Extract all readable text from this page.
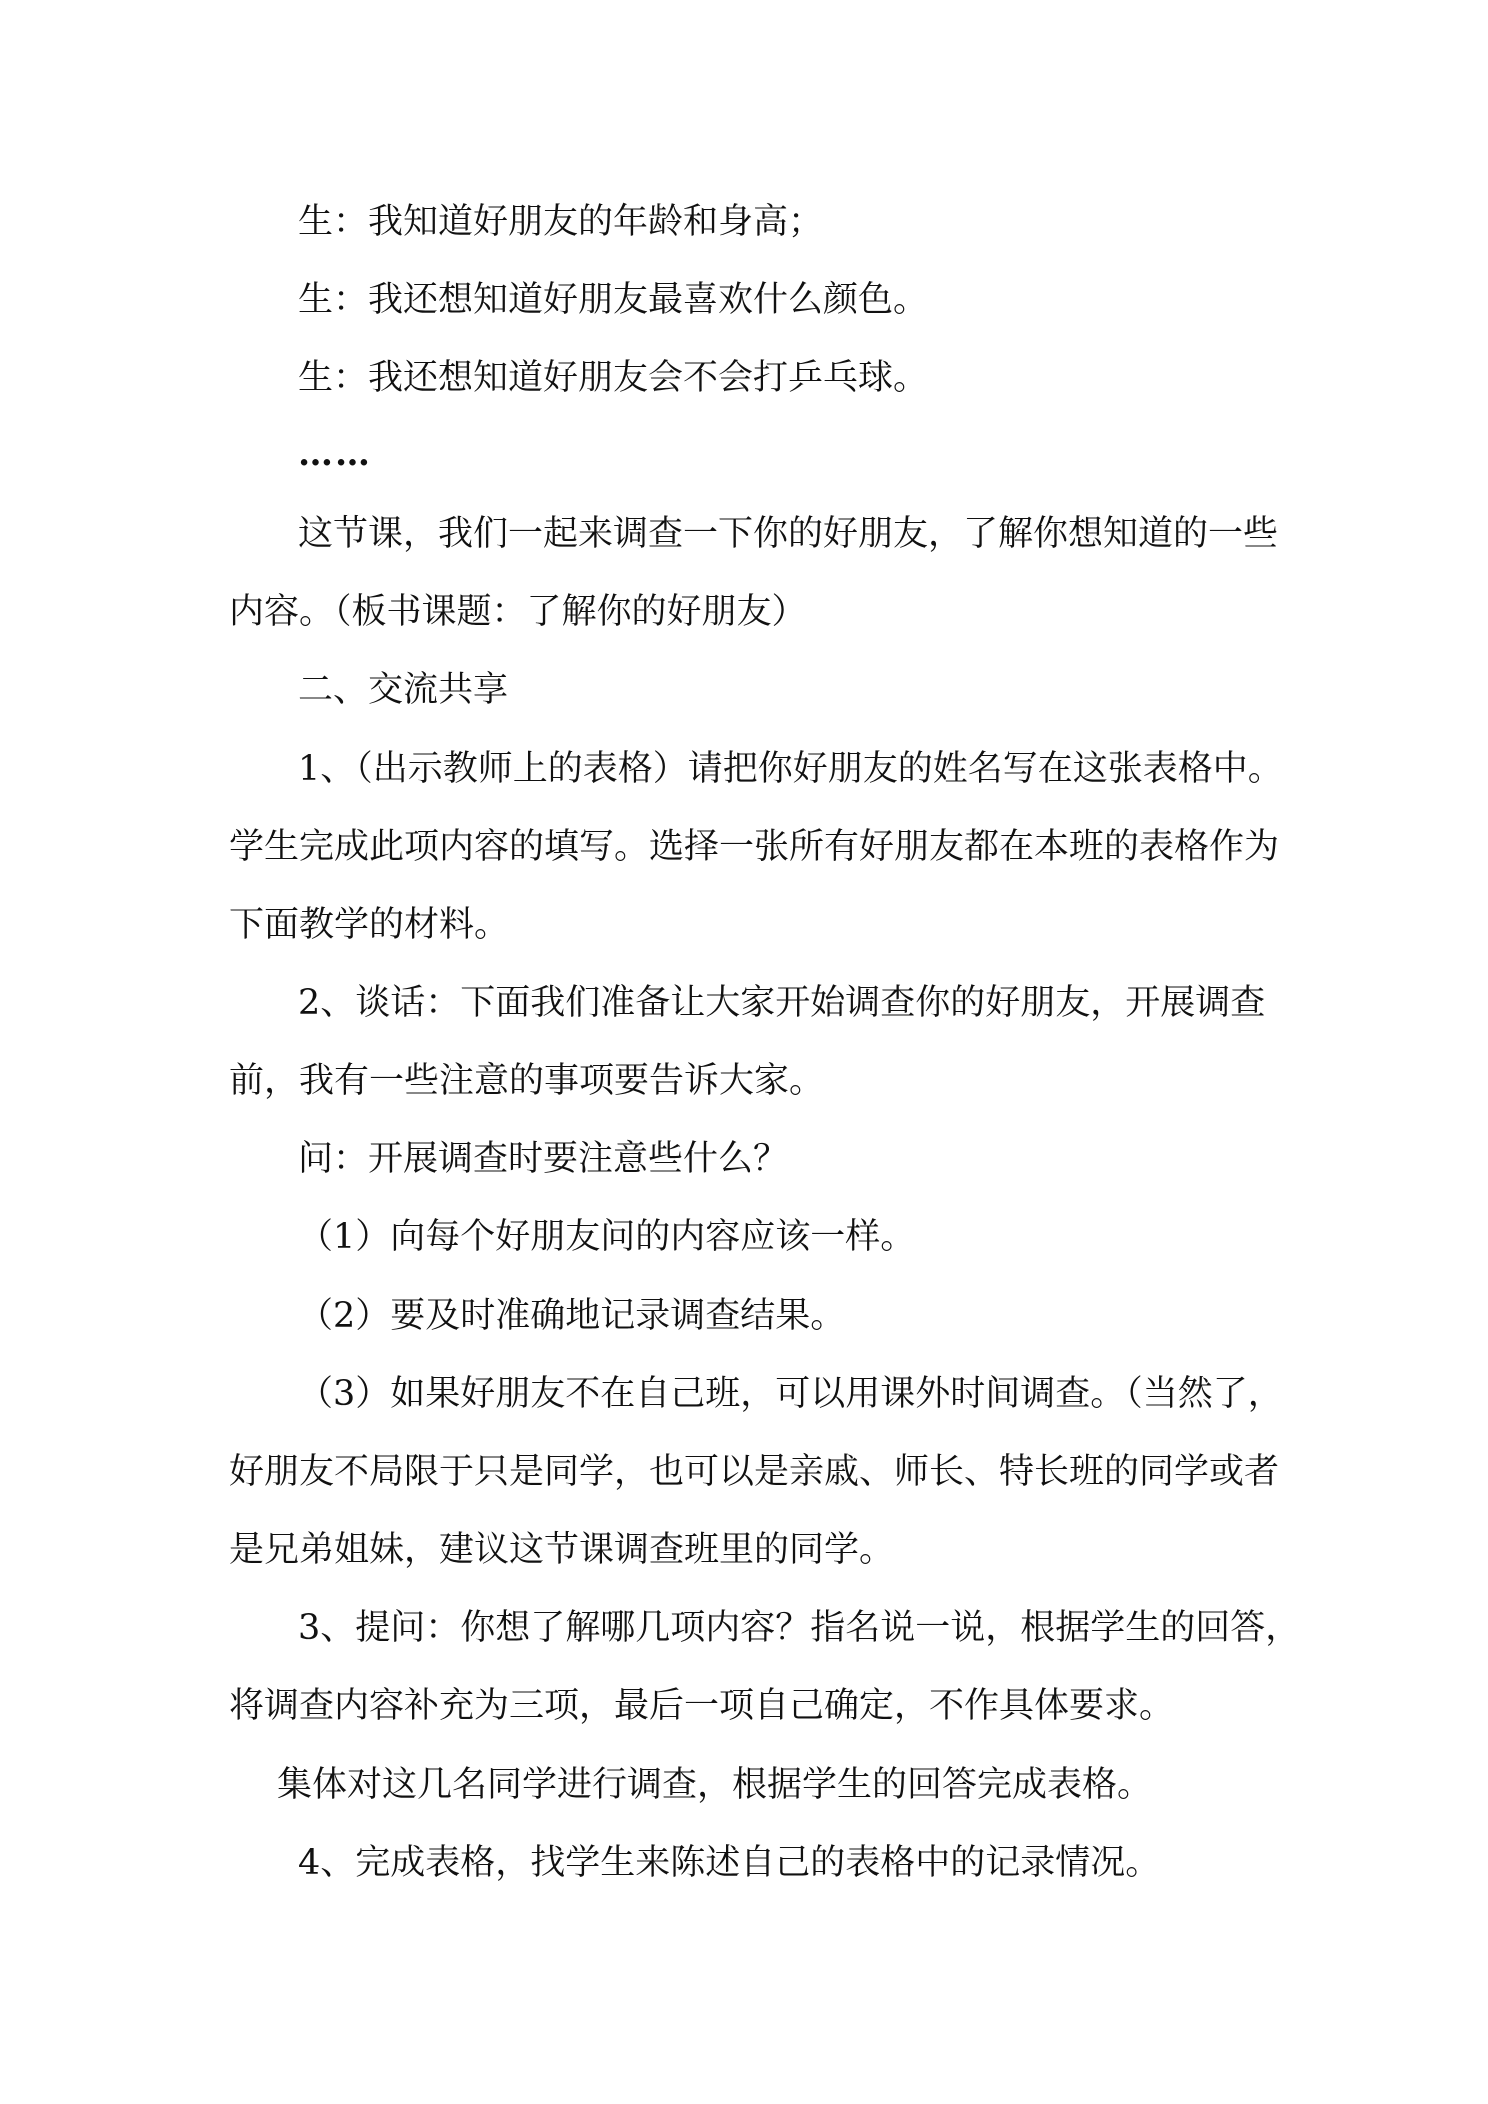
生：我知道好朋友的年龄和身高；
生：我还想知道好朋友最喜欢什么颜色。
生：我还想知道好朋友会不会打乒乓球。
……
这节课，我们一起来调查一下你的好朋友，了解你想知道的一些
内容。（板书课题：了解你的好朋友）
二、交流共享
1、（出示教师上的表格）请把你好朋友的姓名写在这张表格中。
学生完成此项内容的填写。选择一张所有好朋友都在本班的表格作为
下面教学的材料。
2、谈话：下面我们准备让大家开始调查你的好朋友，开展调查
前，我有一些注意的事项要告诉大家。
问：开展调查时要注意些什么？
（1）向每个好朋友问的内容应该一样。
（2）要及时准确地记录调查结果。
（3）如果好朋友不在自己班，可以用课外时间调查。（当然了，
好朋友不局限于只是同学，也可以是亲戚、师长、特长班的同学或者
是兄弟姐妹，建议这节课调查班里的同学。
3、提问：你想了解哪几项内容？指名说一说，根据学生的回答，
将调查内容补充为三项，最后一项自己确定，不作具体要求。
集体对这几名同学进行调查，根据学生的回答完成表格。
4、完成表格，找学生来陈述自己的表格中的记录情况。
